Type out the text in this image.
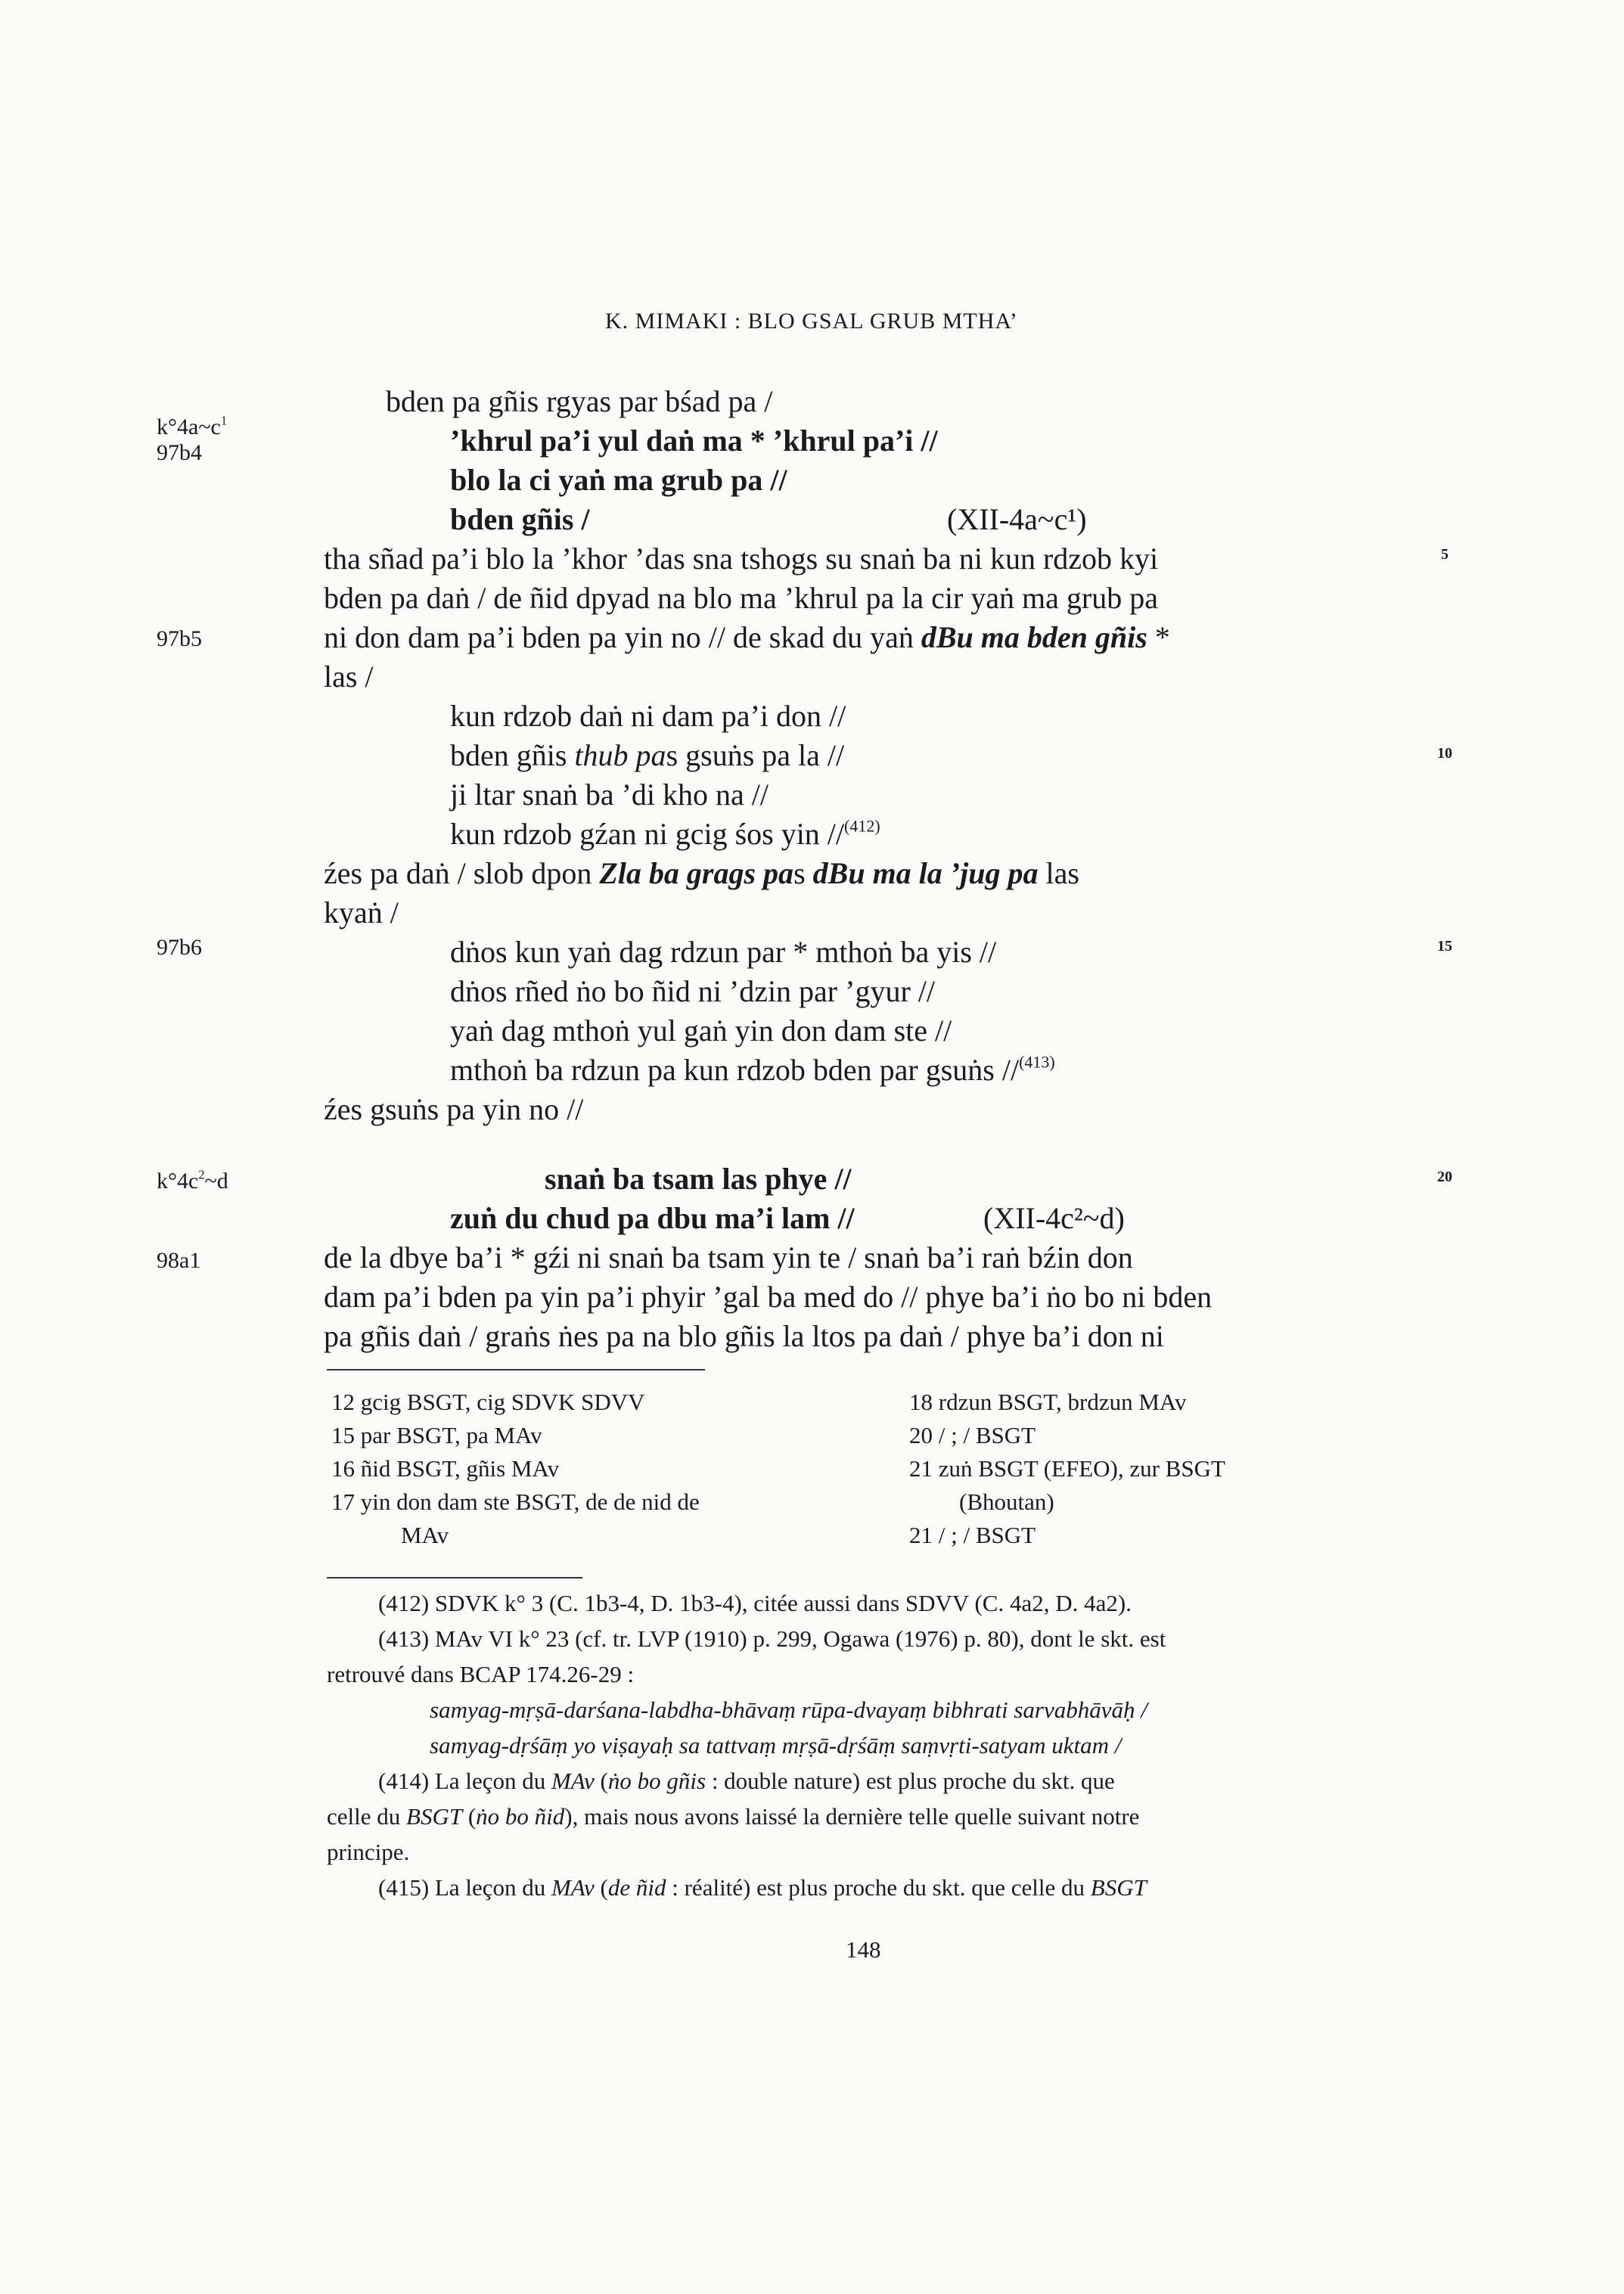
K. MIMAKI : BLO GSAL GRUB MTHA’
$k^\circ 4a\sim c^1$
97b4
97b5
97b6
$k^\circ 4c^2\sim d$
98a1
5
10
15
20
bden pa gñis rgyas par bśad pa /
’khrul pa’i yul daṅ ma * ’khrul pa’i //
blo la ci yaṅ ma grub pa //
bden gñis /	(XII-4a~c¹)
tha sñad pa’i blo la ’khor ’das sna tshogs su snaṅ ba ni kun rdzob kyi
bden pa daṅ / de ñid dpyad na blo ma ’khrul pa la cir yaṅ ma grub pa
ni don dam pa’i bden pa yin no // de skad du yaṅ dBu ma bden gñis *
las /
kun rdzob daṅ ni dam pa’i don //
bden gñis thub pas gsuṅs pa la //
ji ltar snaṅ ba ’di kho na //
kun rdzob gźan ni gcig śos yin //$^{(412)}$
źes pa daṅ / slob dpon Zla ba grags pas dBu ma la ’jug pa las
kyaṅ /
dṅos kun yaṅ dag rdzun par * mthoṅ ba yis //
dṅos rñed ṅo bo ñid ni ’dzin par ’gyur //
yaṅ dag mthoṅ yul gaṅ yin don dam ste //
mthoṅ ba rdzun pa kun rdzob bden par gsuṅs //$^{(413)}$
źes gsuṅs pa yin no //
snaṅ ba tsam las phye //
zuṅ du chud pa dbu ma’i lam //	(XII-4c²~d)
de la dbye ba’i * gźi ni snaṅ ba tsam yin te / snaṅ ba’i raṅ bźin don
dam pa’i bden pa yin pa’i phyir ’gal ba med do // phye ba’i ṅo bo ni bden
pa gñis daṅ / graṅs ṅes pa na blo gñis la ltos pa daṅ / phye ba’i don ni
12 gcig BSGT, cig SDVK SDVV
15 par BSGT, pa MAv
16 ñid BSGT, gñis MAv
17 yin don dam ste BSGT, de de nid de
MAv
18 rdzun BSGT, brdzun MAv
20 / ; / BSGT
21 zuṅ BSGT (EFEO), zur BSGT
(Bhoutan)
21 / ; / BSGT
(412) SDVK k° 3 (C. 1b3-4, D. 1b3-4), citée aussi dans SDVV (C. 4a2, D. 4a2).
(413) MAv VI k° 23 (cf. tr. LVP (1910) p. 299, Ogawa (1976) p. 80), dont le skt. est
retrouvé dans BCAP 174.26-29 :
samyag-mṛṣā-darśana-labdha-bhāvaṃ rūpa-dvayaṃ bibhrati sarvabhāvāḥ /
samyag-dṛśāṃ yo viṣayaḥ sa tattvaṃ mṛṣā-dṛśāṃ saṃvṛti-satyam uktam /
(414) La leçon du MAv (ṅo bo gñis : double nature) est plus proche du skt. que
celle du BSGT (ṅo bo ñid), mais nous avons laissé la dernière telle quelle suivant notre
principe.
(415) La leçon du MAv (de ñid : réalité) est plus proche du skt. que celle du BSGT
148
